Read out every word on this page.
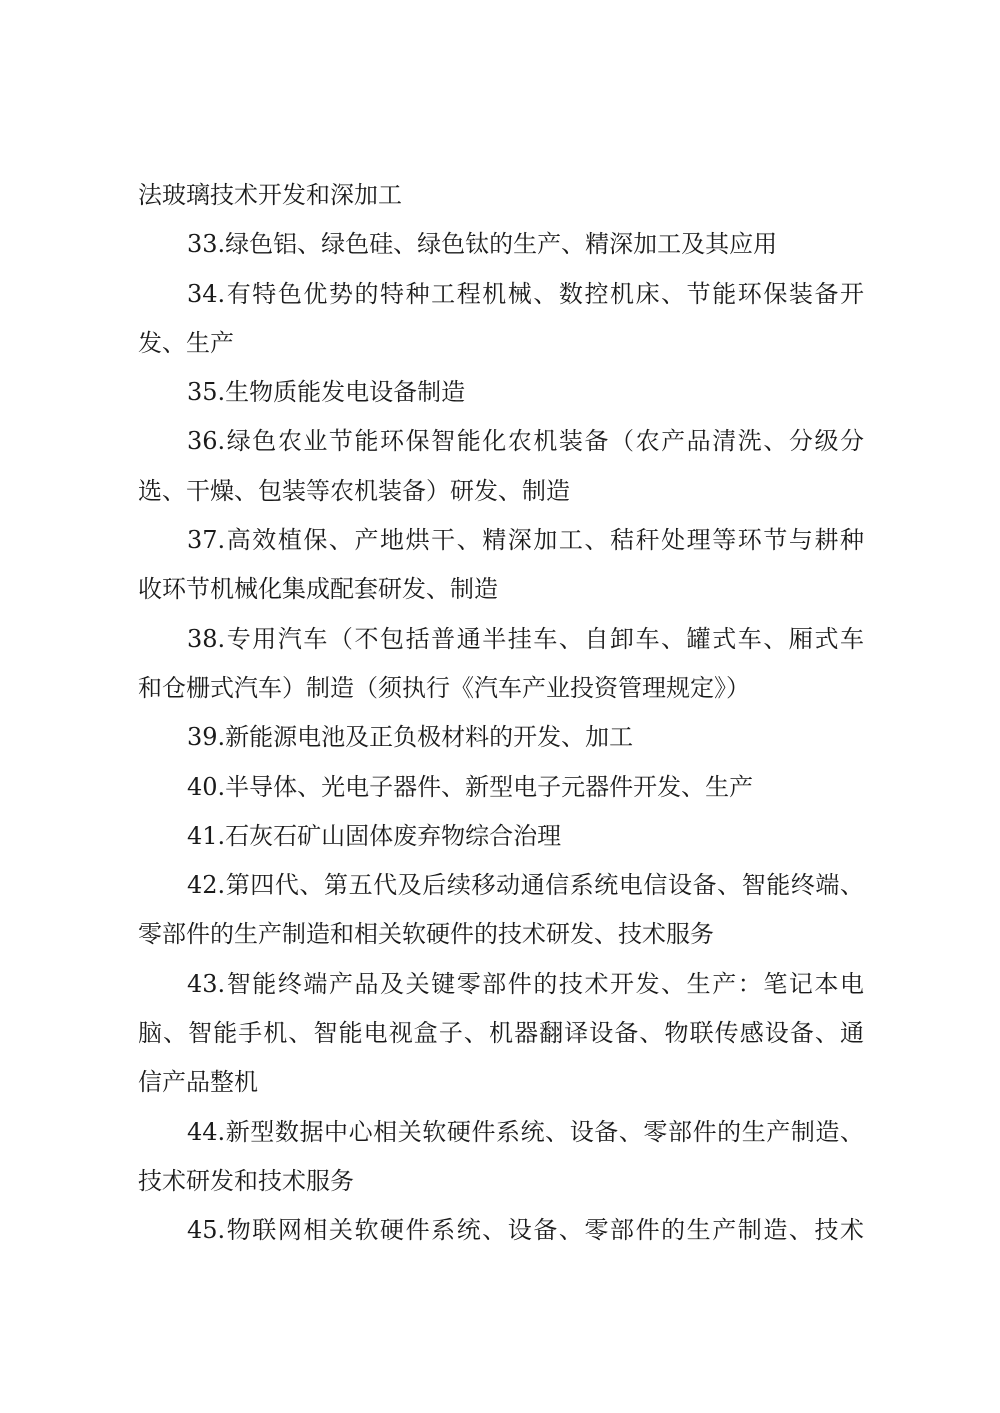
法玻璃技术开发和深加工
33.绿色铝、绿色硅、绿色钛的生产、精深加工及其应用
34.有特色优势的特种工程机械、数控机床、节能环保装备开
发、生产
35.生物质能发电设备制造
36.绿色农业节能环保智能化农机装备（农产品清洗、分级分
选、干燥、包装等农机装备）研发、制造
37.高效植保、产地烘干、精深加工、秸秆处理等环节与耕种
收环节机械化集成配套研发、制造
38.专用汽车（不包括普通半挂车、自卸车、罐式车、厢式车
和仓栅式汽车）制造（须执行《汽车产业投资管理规定》）
39.新能源电池及正负极材料的开发、加工
40.半导体、光电子器件、新型电子元器件开发、生产
41.石灰石矿山固体废弃物综合治理
42.第四代、第五代及后续移动通信系统电信设备、智能终端、
零部件的生产制造和相关软硬件的技术研发、技术服务
43.智能终端产品及关键零部件的技术开发、生产：笔记本电
脑、智能手机、智能电视盒子、机器翻译设备、物联传感设备、通
信产品整机
44.新型数据中心相关软硬件系统、设备、零部件的生产制造、
技术研发和技术服务
45.物联网相关软硬件系统、设备、零部件的生产制造、技术
